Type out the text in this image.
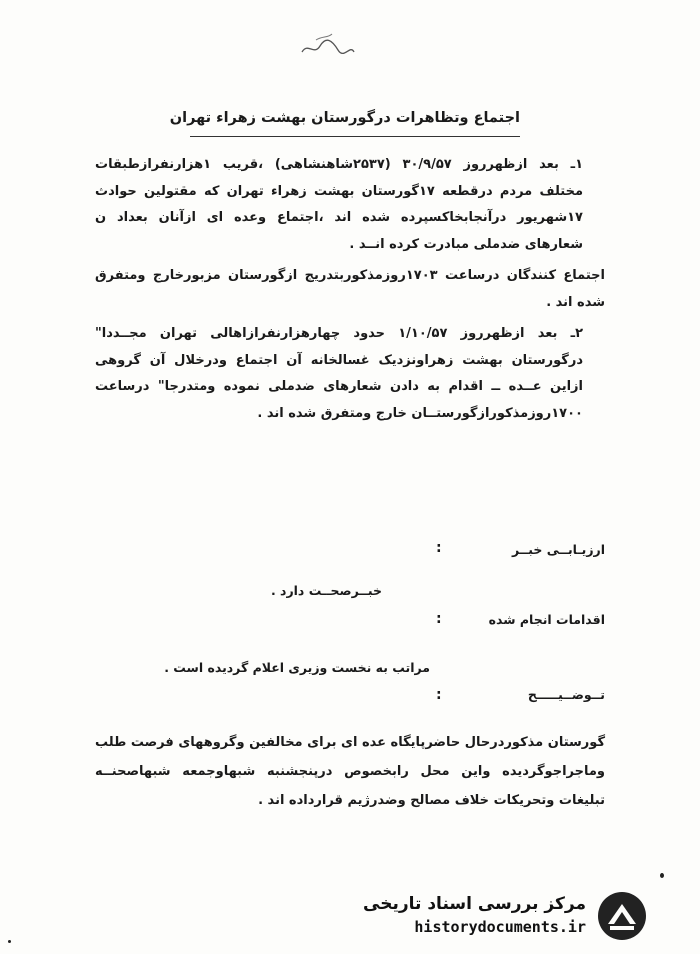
اجتماع وتظاهرات درگورستان بهشت زهراء تهران

۱ـ بعد ازظهرروز ۳۰/۹/۵۷ (۲۵۳۷شاهنشاهی) ،قریب ۱هزارنفرازطبقات مختلف مردم درقطعه ۱۷گورستان بهشت زهراء تهران که مقتولین حوادث ۱۷شهریور درآنجابخاکسپرده شده اند ،اجتماع وعده ای ازآنان بعداد ن شعارهای ضدملی مبادرت کرده انــد .

اجتماع کنندگان درساعت ۱۷۰۳روزمذکوربتدریج ازگورستان مزبورخارج ومتفرق شده اند .

۲ـ بعد ازظهرروز ۱/۱۰/۵۷ حدود چهارهزارنفرازاهالی تهران مجــددا" درگورستان بهشت زهراونزدیک غسالخانه آن اجتماع ودرخلال آن گروهی ازاین عــده ــ اقدام به دادن شعارهای ضدملی نموده ومتدرجا" درساعت ۱۷۰۰روزمذکورازگورستــان خارج ومتفرق شده اند .

ارزیـابــی خبــر
:
خبــرصحــت دارد .
اقدامات انجام شده
:
مراتب به نخست وزیری اعلام گردیده است .
تــوضــیـــــح
:
گورستان مذکوردرحال حاضرپایگاه عده ای برای مخالفین وگروههای فرصت طلب وماجراجوگردیده واین محل رابخصوص درپنجشنبه شبهاوجمعه شبهاصحنــه تبلیغات وتحریکات خلاف مصالح وضدرژیم قرارداده اند .
مرکز بررسی اسناد تاریخی
historydocuments.ir
